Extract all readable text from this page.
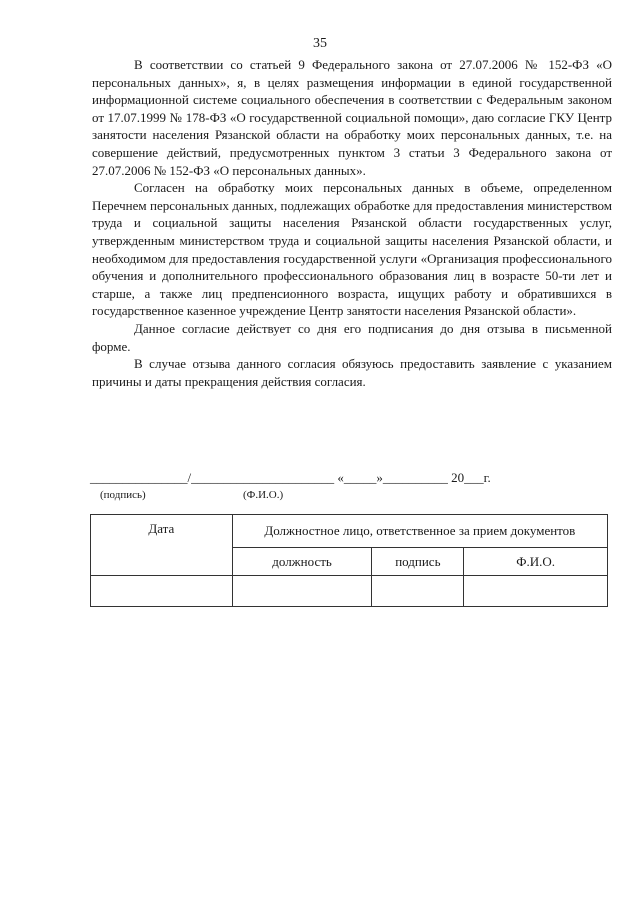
35

В соответствии со статьей 9 Федерального закона от 27.07.2006 № 152-ФЗ «О персональных данных», я, в целях размещения информации в единой государственной информационной системе социального обеспечения в соответствии с Федеральным законом от 17.07.1999 № 178-ФЗ «О государственной социальной помощи», даю согласие ГКУ Центр занятости населения Рязанской области на обработку моих персональных данных, т.е. на совершение действий, предусмотренных пунктом 3 статьи 3 Федерального закона от 27.07.2006 № 152-ФЗ «О персональных данных».

Согласен на обработку моих персональных данных в объеме, определенном Перечнем персональных данных, подлежащих обработке для предоставления министерством труда и социальной защиты населения Рязанской области государственных услуг, утвержденным министерством труда и социальной защиты населения Рязанской области, и необходимом для предоставления государственной услуги «Организация профессионального обучения и дополнительного профессионального образования лиц в возрасте 50-ти лет и старше, а также лиц предпенсионного возраста, ищущих работу и обратившихся в государственное казенное учреждение Центр занятости населения Рязанской области».

Данное согласие действует со дня его подписания до дня отзыва в письменной форме.

В случае отзыва данного согласия обязуюсь предоставить заявление с указанием причины и даты прекращения действия согласия.

_______________/______________________ «_____»__________ 20___г.
(подпись)	(Ф.И.О.)
Дата	Должностное лицо, ответственное за прием документов		
	должность	подпись	Ф.И.О.
